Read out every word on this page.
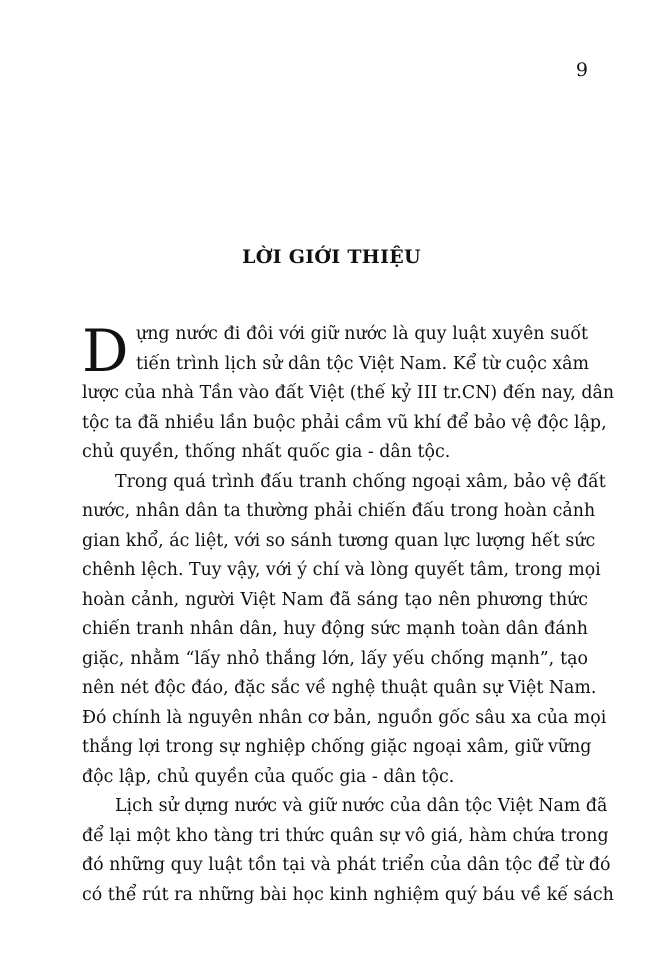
9
LỜI GIỚI THIỆU
D ựng nước đi đôi với giữ nước là quy luật xuyên suốt
tiến trình lịch sử dân tộc Việt Nam. Kể từ cuộc xâm
lược của nhà Tần vào đất Việt (thế kỷ III tr.CN) đến nay, dân
tộc ta đã nhiều lần buộc phải cầm vũ khí để bảo vệ độc lập,
chủ quyền, thống nhất quốc gia - dân tộc.
Trong quá trình đấu tranh chống ngoại xâm, bảo vệ đất
nước, nhân dân ta thường phải chiến đấu trong hoàn cảnh
gian khổ, ác liệt, với so sánh tương quan lực lượng hết sức
chênh lệch. Tuy vậy, với ý chí và lòng quyết tâm, trong mọi
hoàn cảnh, người Việt Nam đã sáng tạo nên phương thức
chiến tranh nhân dân, huy động sức mạnh toàn dân đánh
giặc, nhằm “lấy nhỏ thắng lớn, lấy yếu chống mạnh”, tạo
nên nét độc đáo, đặc sắc về nghệ thuật quân sự Việt Nam.
Đó chính là nguyên nhân cơ bản, nguồn gốc sâu xa của mọi
thắng lợi trong sự nghiệp chống giặc ngoại xâm, giữ vững
độc lập, chủ quyền của quốc gia - dân tộc.
Lịch sử dựng nước và giữ nước của dân tộc Việt Nam đã
để lại một kho tàng tri thức quân sự vô giá, hàm chứa trong
đó những quy luật tồn tại và phát triển của dân tộc để từ đó
có thể rút ra những bài học kinh nghiệm quý báu về kế sách
